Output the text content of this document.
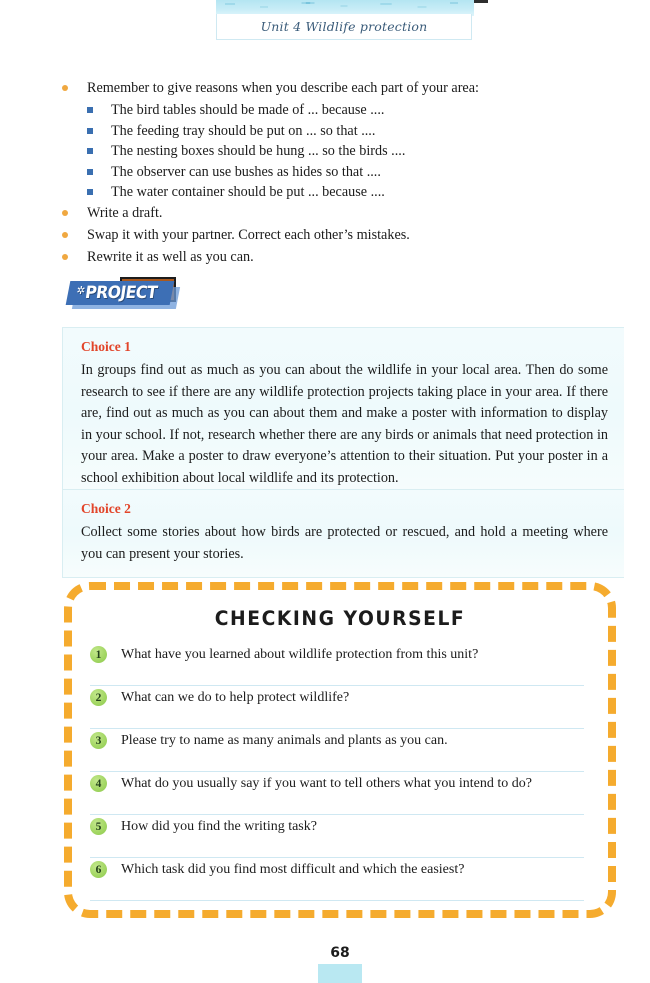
Unit 4 Wildlife protection
Remember to give reasons when you describe each part of your area:
The bird tables should be made of ... because ....
The feeding tray should be put on ... so that ....
The nesting boxes should be hung ... so the birds ....
The observer can use bushes as hides so that ....
The water container should be put ... because ....
Write a draft.
Swap it with your partner. Correct each other’s mistakes.
Rewrite it as well as you can.
✲
PROJECT
Choice 1
In groups find out as much as you can about the wildlife in your local area. Then do some research to see if there are any wildlife protection projects taking place in your area. If there are, find out as much as you can about them and make a poster with information to display in your school. If not, research whether there are any birds or animals that need protection in your area. Make a poster to draw everyone’s attention to their situation. Put your poster in a school exhibition about local wildlife and its protection.
Choice 2
Collect some stories about how birds are protected or rescued, and hold a meeting where you can present your stories.
CHECKING YOURSELF
1	What have you learned about wildlife protection from this unit?
2	What can we do to help protect wildlife?
3	Please try to name as many animals and plants as you can.
4	What do you usually say if you want to tell others what you intend to do?
5	How did you find the writing task?
6	Which task did you find most difficult and which the easiest?
68
